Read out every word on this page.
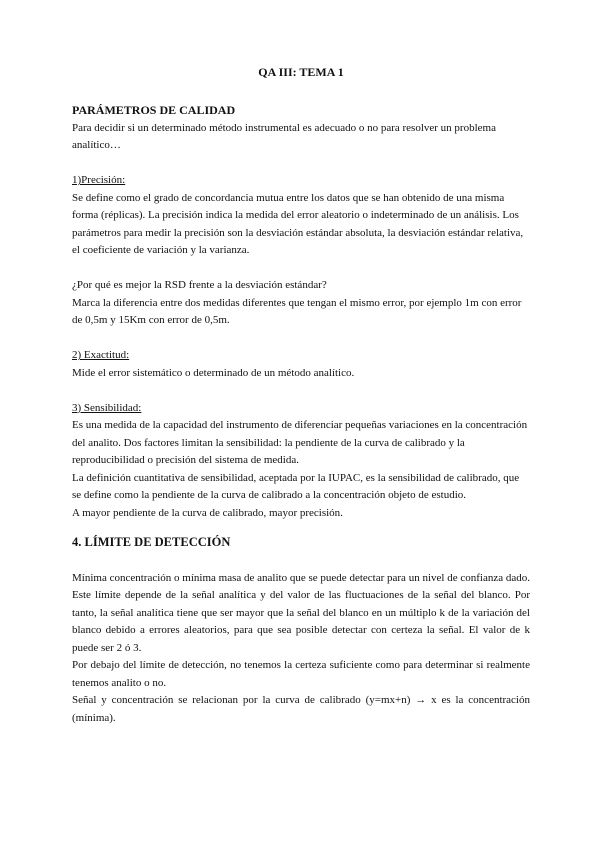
QA III: TEMA 1
PARÁMETROS DE CALIDAD

Para decidir si un determinado método instrumental es adecuado o no para resolver un problema analítico…

1)Precisión:

Se define como el grado de concordancia mutua entre los datos que se han obtenido de una misma forma (réplicas). La precisión indica la medida del error aleatorio o indeterminado de un análisis. Los parámetros para medir la precisión son la desviación estándar absoluta, la desviación estándar relativa, el coeficiente de variación y la varianza.

¿Por qué es mejor la RSD frente a la desviación estándar?

Marca la diferencia entre dos medidas diferentes que tengan el mismo error, por ejemplo 1m con error de 0,5m y 15Km con error de 0,5m.

2) Exactitud:

Mide el error sistemático o determinado de un método analítico.

3) Sensibilidad:

Es una medida de la capacidad del instrumento de diferenciar pequeñas variaciones en la concentración del analito. Dos factores limitan la sensibilidad: la pendiente de la curva de calibrado y la reproducibilidad o precisión del sistema de medida.

La definición cuantitativa de sensibilidad, aceptada por la IUPAC, es la sensibilidad de calibrado, que se define como la pendiente de la curva de calibrado a la concentración objeto de estudio.

A mayor pendiente de la curva de calibrado, mayor precisión.

4. LÍMITE DE DETECCIÓN

Mínima concentración o mínima masa de analito que se puede detectar para un nivel de confianza dado. Este límite depende de la señal analítica y del valor de las fluctuaciones de la señal del blanco. Por tanto, la señal analítica tiene que ser mayor que la señal del blanco en un múltiplo k de la variación del blanco debido a errores aleatorios, para que sea posible detectar con certeza la señal. El valor de k puede ser 2 ó 3.

Por debajo del límite de detección, no tenemos la certeza suficiente como para determinar si realmente tenemos analito o no.

Señal y concentración se relacionan por la curva de calibrado (y=mx+n) → x es la concentración (mínima).
